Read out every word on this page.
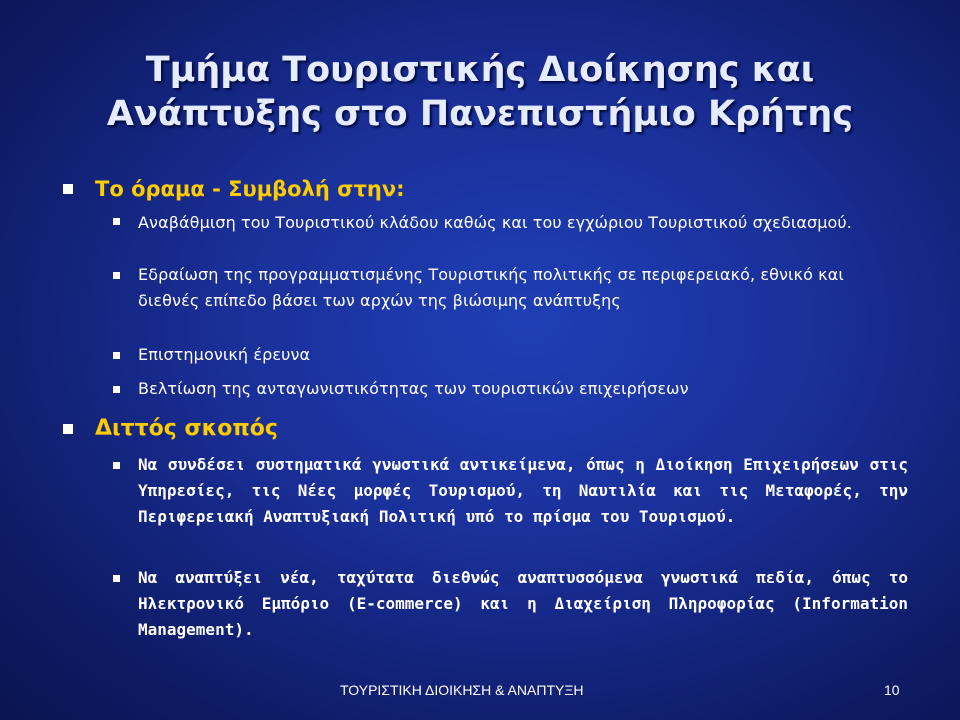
Τμήμα Τουριστικής Διοίκησης και
Ανάπτυξης στο Πανεπιστήμιο Κρήτης
Το όραμα - Συμβολή στην:
Αναβάθμιση του Τουριστικού κλάδου καθώς και του εγχώριου Τουριστικού σχεδιασμού.
Εδραίωση της προγραμματισμένης Τουριστικής πολιτικής σε περιφερειακό, εθνικό και διεθνές επίπεδο βάσει των αρχών της βιώσιμης ανάπτυξης
Επιστημονική έρευνα
Βελτίωση της ανταγωνιστικότητας των τουριστικών επιχειρήσεων
Διττός σκοπός
Να συνδέσει συστηματικά γνωστικά αντικείμενα, όπως η Διοίκηση Επιχειρήσεων στις Υπηρεσίες, τις Νέες μορφές Τουρισμού, τη Ναυτιλία και τις Μεταφορές, την Περιφερειακή Αναπτυξιακή Πολιτική υπό το πρίσμα του Τουρισμού.
Να αναπτύξει νέα, ταχύτατα διεθνώς αναπτυσσόμενα γνωστικά πεδία, όπως το Ηλεκτρονικό Εμπόριο (E-commerce) και η Διαχείριση Πληροφορίας (Information Management).
ΤΟΥΡΙΣΤΙΚΗ ΔΙΟΙΚΗΣΗ & ΑΝΑΠΤΥΞΗ	10
